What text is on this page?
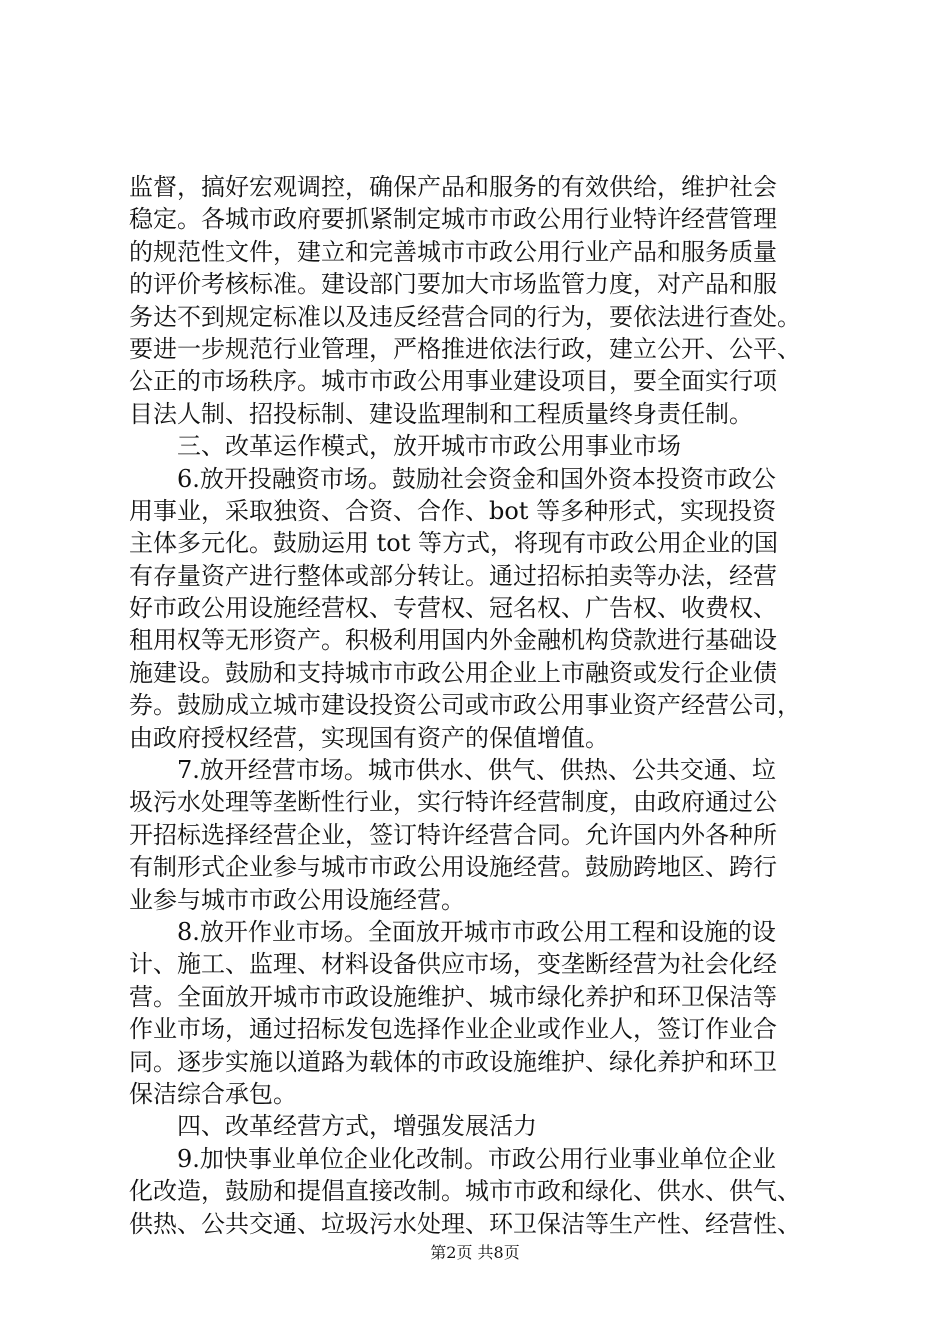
监督，搞好宏观调控，确保产品和服务的有效供给，维护社会
稳定。各城市政府要抓紧制定城市市政公用行业特许经营管理
的规范性文件，建立和完善城市市政公用行业产品和服务质量
的评价考核标准。建设部门要加大市场监管力度，对产品和服
务达不到规定标准以及违反经营合同的行为，要依法进行查处。
要进一步规范行业管理，严格推进依法行政，建立公开、公平、
公正的市场秩序。城市市政公用事业建设项目，要全面实行项
目法人制、招投标制、建设监理制和工程质量终身责任制。
三、改革运作模式，放开城市市政公用事业市场
6.放开投融资市场。鼓励社会资金和国外资本投资市政公
用事业，采取独资、合资、合作、bot 等多种形式，实现投资
主体多元化。鼓励运用 tot 等方式，将现有市政公用企业的国
有存量资产进行整体或部分转让。通过招标拍卖等办法，经营
好市政公用设施经营权、专营权、冠名权、广告权、收费权、
租用权等无形资产。积极利用国内外金融机构贷款进行基础设
施建设。鼓励和支持城市市政公用企业上市融资或发行企业债
券。鼓励成立城市建设投资公司或市政公用事业资产经营公司，
由政府授权经营，实现国有资产的保值增值。
7.放开经营市场。城市供水、供气、供热、公共交通、垃
圾污水处理等垄断性行业，实行特许经营制度，由政府通过公
开招标选择经营企业，签订特许经营合同。允许国内外各种所
有制形式企业参与城市市政公用设施经营。鼓励跨地区、跨行
业参与城市市政公用设施经营。
8.放开作业市场。全面放开城市市政公用工程和设施的设
计、施工、监理、材料设备供应市场，变垄断经营为社会化经
营。全面放开城市市政设施维护、城市绿化养护和环卫保洁等
作业市场，通过招标发包选择作业企业或作业人，签订作业合
同。逐步实施以道路为载体的市政设施维护、绿化养护和环卫
保洁综合承包。
四、改革经营方式，增强发展活力
9.加快事业单位企业化改制。市政公用行业事业单位企业
化改造，鼓励和提倡直接改制。城市市政和绿化、供水、供气、
供热、公共交通、垃圾污水处理、环卫保洁等生产性、经营性、
第2页 共8页
